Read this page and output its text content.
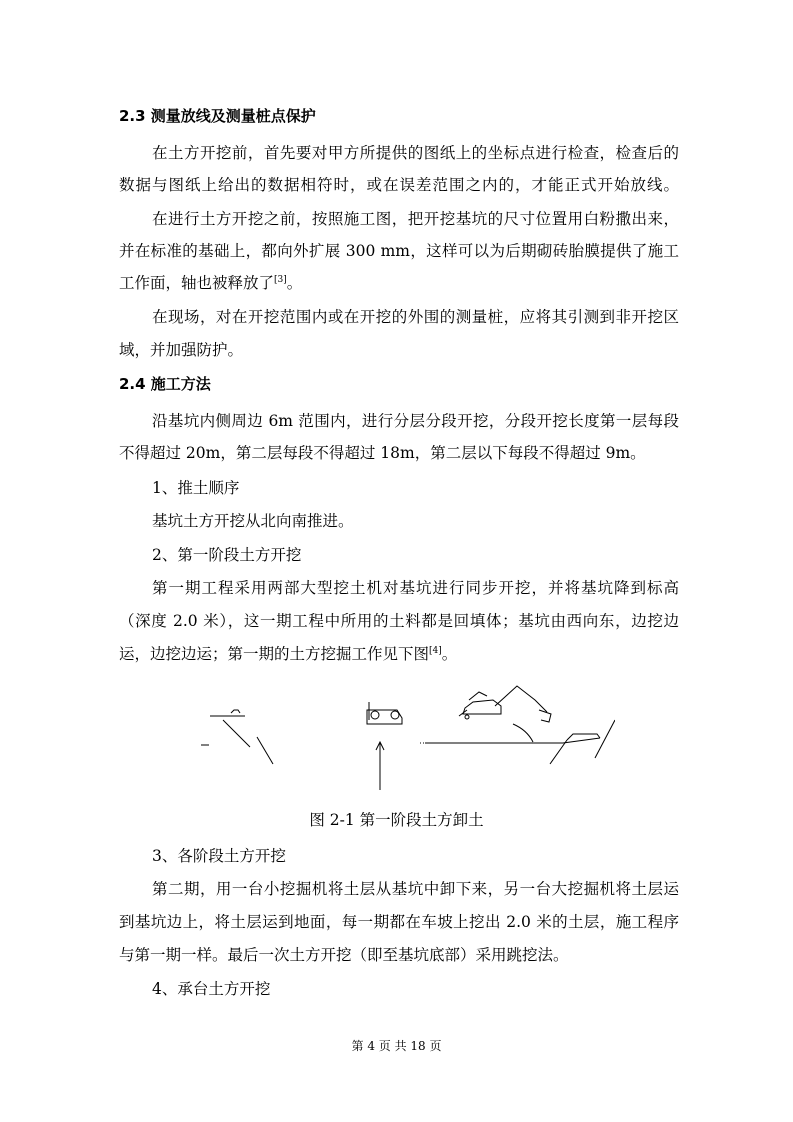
2.3 测量放线及测量桩点保护
在土方开挖前，首先要对甲方所提供的图纸上的坐标点进行检查，检查后的
数据与图纸上给出的数据相符时，或在误差范围之内的，才能正式开始放线。
在进行土方开挖之前，按照施工图，把开挖基坑的尺寸位置用白粉撒出来，
并在标准的基础上，都向外扩展 300 mm，这样可以为后期砌砖胎膜提供了施工
工作面，轴也被释放了[3]。
在现场，对在开挖范围内或在开挖的外围的测量桩，应将其引测到非开挖区
域，并加强防护。
2.4 施工方法
沿基坑内侧周边 6m 范围内，进行分层分段开挖，分段开挖长度第一层每段
不得超过 20m，第二层每段不得超过 18m，第二层以下每段不得超过 9m。
1、推土顺序
基坑土方开挖从北向南推进。
2、第一阶段土方开挖
第一期工程采用两部大型挖土机对基坑进行同步开挖，并将基坑降到标高
（深度 2.0 米），这一期工程中所用的土料都是回填体；基坑由西向东，边挖边
运，边挖边运；第一期的土方挖掘工作见下图[4]。
图 2-1 第一阶段土方卸土
3、各阶段土方开挖
第二期，用一台小挖掘机将土层从基坑中卸下来，另一台大挖掘机将土层运
到基坑边上，将土层运到地面，每一期都在车坡上挖出 2.0 米的土层，施工程序
与第一期一样。最后一次土方开挖（即至基坑底部）采用跳挖法。
4、承台土方开挖
第 4 页 共 18 页
